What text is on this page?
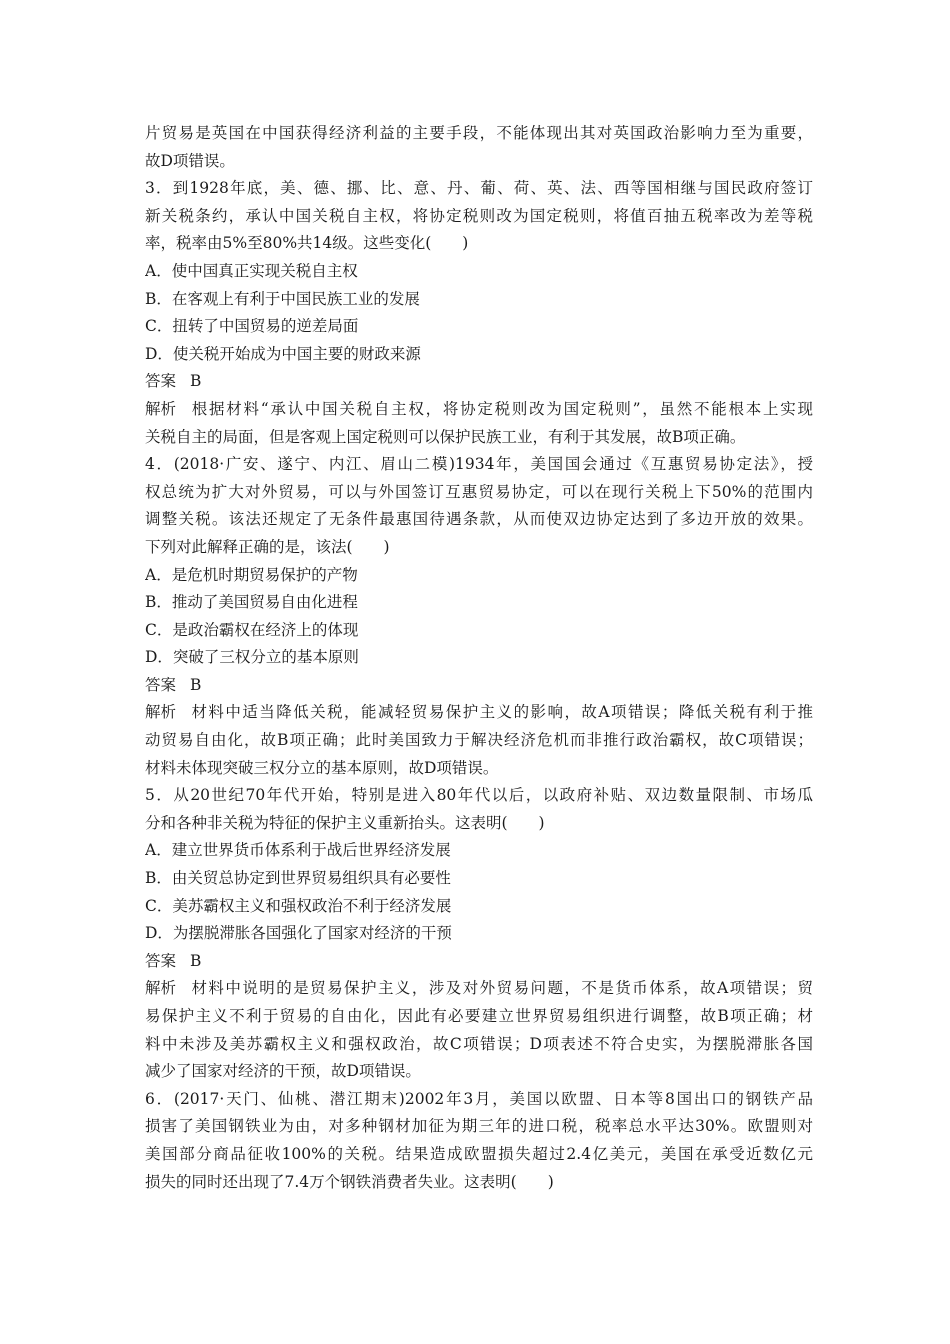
片贸易是英国在中国获得经济利益的主要手段，不能体现出其对英国政治影响力至为重要，
故D项错误。
3．到1928年底，美、德、挪、比、意、丹、葡、荷、英、法、西等国相继与国民政府签订
新关税条约，承认中国关税自主权，将协定税则改为国定税则，将值百抽五税率改为差等税
率，税率由5%至80%共14级。这些变化(　　)
A．使中国真正实现关税自主权
B．在客观上有利于中国民族工业的发展
C．扭转了中国贸易的逆差局面
D．使关税开始成为中国主要的财政来源
答案 B
解析 根据材料“承认中国关税自主权，将协定税则改为国定税则”，虽然不能根本上实现
关税自主的局面，但是客观上国定税则可以保护民族工业，有利于其发展，故B项正确。
4．(2018·广安、遂宁、内江、眉山二模)1934年，美国国会通过《互惠贸易协定法》，授
权总统为扩大对外贸易，可以与外国签订互惠贸易协定，可以在现行关税上下50%的范围内
调整关税。该法还规定了无条件最惠国待遇条款，从而使双边协定达到了多边开放的效果。
下列对此解释正确的是，该法(　　)
A．是危机时期贸易保护的产物
B．推动了美国贸易自由化进程
C．是政治霸权在经济上的体现
D．突破了三权分立的基本原则
答案 B
解析 材料中适当降低关税，能减轻贸易保护主义的影响，故A项错误；降低关税有利于推
动贸易自由化，故B项正确；此时美国致力于解决经济危机而非推行政治霸权，故C项错误；
材料未体现突破三权分立的基本原则，故D项错误。
5．从20世纪70年代开始，特别是进入80年代以后，以政府补贴、双边数量限制、市场瓜
分和各种非关税为特征的保护主义重新抬头。这表明(　　)
A．建立世界货币体系利于战后世界经济发展
B．由关贸总协定到世界贸易组织具有必要性
C．美苏霸权主义和强权政治不利于经济发展
D．为摆脱滞胀各国强化了国家对经济的干预
答案 B
解析 材料中说明的是贸易保护主义，涉及对外贸易问题，不是货币体系，故A项错误；贸
易保护主义不利于贸易的自由化，因此有必要建立世界贸易组织进行调整，故B项正确；材
料中未涉及美苏霸权主义和强权政治，故C项错误；D项表述不符合史实，为摆脱滞胀各国
减少了国家对经济的干预，故D项错误。
6．(2017·天门、仙桃、潜江期末)2002年3月，美国以欧盟、日本等8国出口的钢铁产品
损害了美国钢铁业为由，对多种钢材加征为期三年的进口税，税率总水平达30%。欧盟则对
美国部分商品征收100%的关税。结果造成欧盟损失超过2.4亿美元，美国在承受近数亿元
损失的同时还出现了7.4万个钢铁消费者失业。这表明(　　)
